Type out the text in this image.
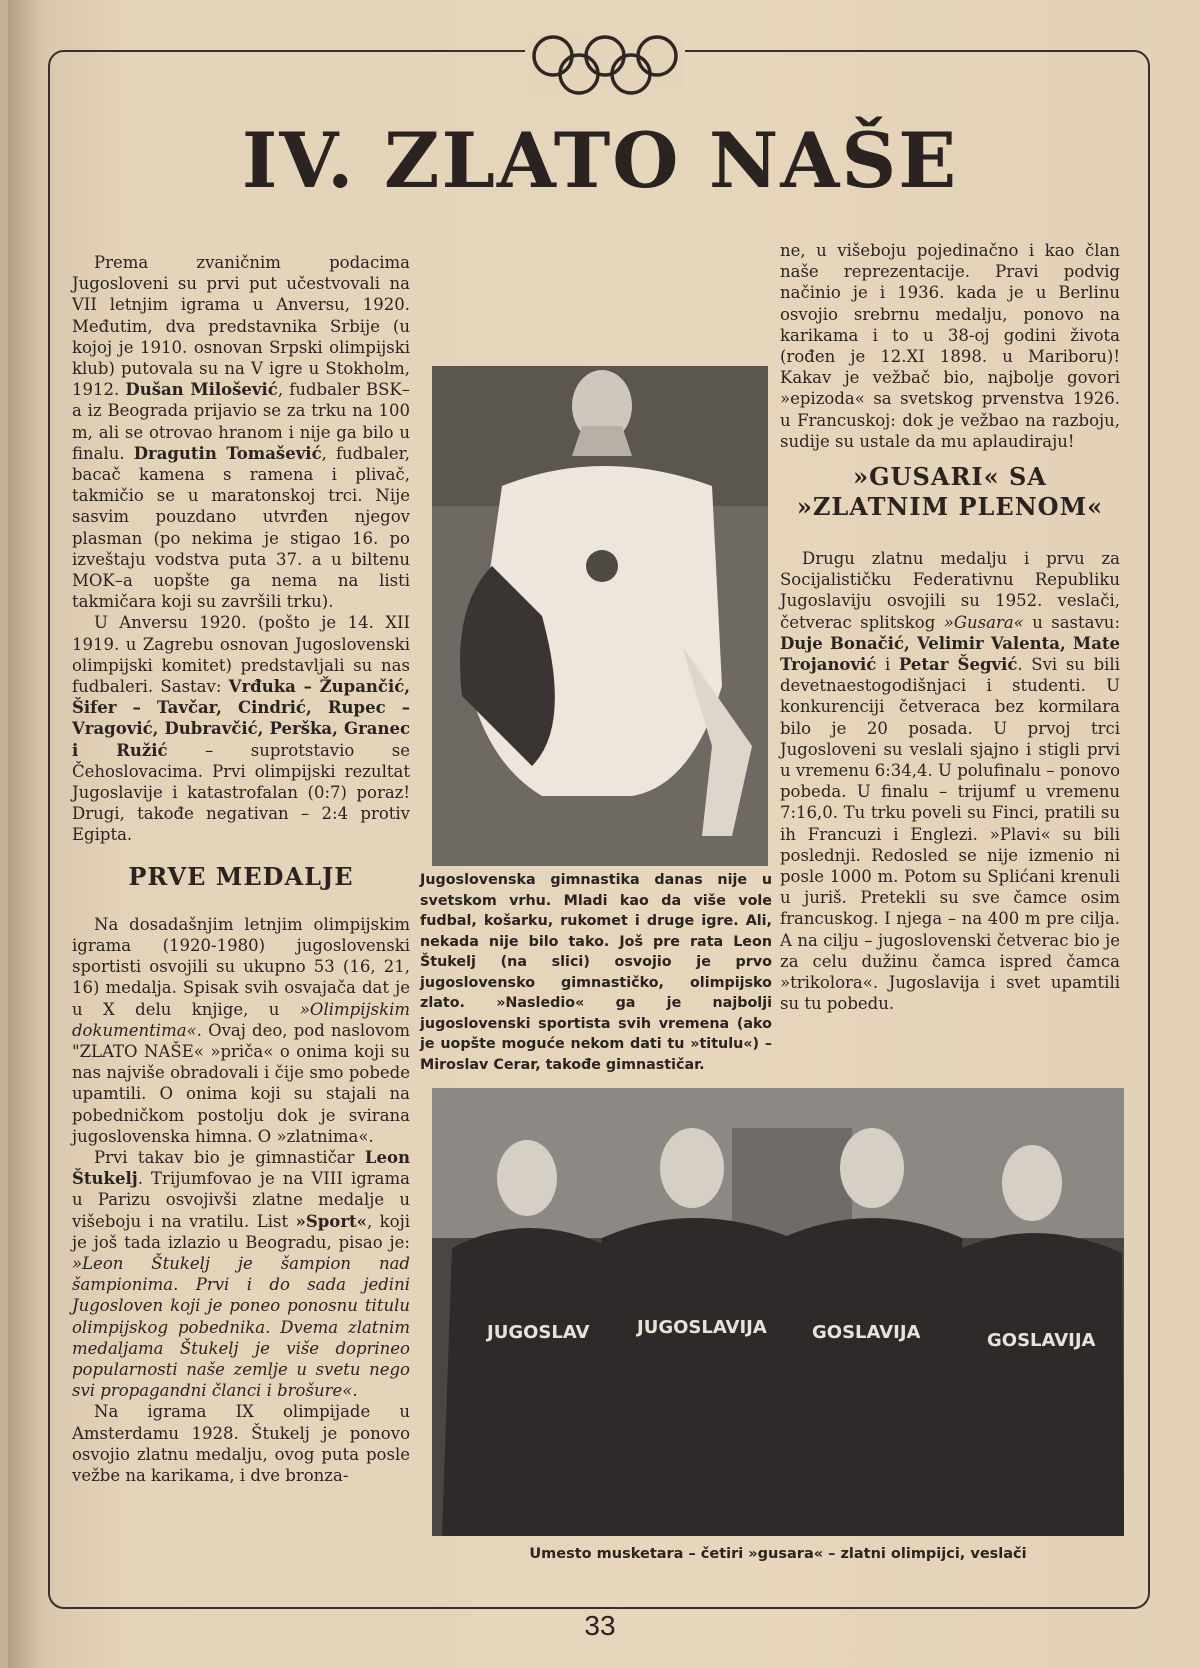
IV. ZLATO NAŠE

Prema zvaničnim podacima Jugosloveni su prvi put učestvovali na VII letnjim igrama u Anversu, 1920. Međutim, dva predstavnika Srbije (u kojoj je 1910. osnovan Srpski olimpijski klub) putovala su na V igre u Stokholm, 1912. Dušan Milošević, fudbaler BSK–a iz Beograda prijavio se za trku na 100 m, ali se otrovao hranom i nije ga bilo u finalu. Dragutin Tomašević, fudbaler, bacač kamena s ramena i plivač, takmičio se u maratonskoj trci. Nije sasvim pouzdano utvrđen njegov plasman (po nekima je stigao 16. po izveštaju vodstva puta 37. a u biltenu MOK–a uopšte ga nema na listi takmičara koji su završili trku).

U Anversu 1920. (pošto je 14. XII 1919. u Zagrebu osnovan Jugoslovenski olimpijski komitet) predstavljali su nas fudbaleri. Sastav: Vrđuka – Župančić, Šifer – Tavčar, Cindrić, Rupec – Vragović, Dubravčić, Perška, Granec i Ružić – suprotstavio se Čehoslovacima. Prvi olimpijski rezultat Jugoslavije i katastrofalan (0:7) poraz! Drugi, takođe negativan – 2:4 protiv Egipta.

PRVE MEDALJE

Na dosadašnjim letnjim olimpijskim igrama (1920-1980) jugoslovenski sportisti osvojili su ukupno 53 (16, 21, 16) medalja. Spisak svih osvajača dat je u X delu knjige, u »Olimpijskim dokumentima«. Ovaj deo, pod naslovom "ZLATO NAŠE« »priča« o onima koji su nas najviše obradovali i čije smo pobede upamtili. O onima koji su stajali na pobedničkom postolju dok je svirana jugoslovenska himna. O »zlatnima«.

Prvi takav bio je gimnastičar Leon Štukelj. Trijumfovao je na VIII igrama u Parizu osvojivši zlatne medalje u višeboju i na vratilu. List »Sport«, koji je još tada izlazio u Beogradu, pisao je: »Leon Štukelj je šampion nad šampionima. Prvi i do sada jedini Jugosloven koji je poneo ponosnu titulu olimpijskog pobednika. Dvema zlatnim medaljama Štukelj je više doprineo popularnosti naše zemlje u svetu nego svi propagandni članci i brošure«.

Na igrama IX olimpijade u Amsterdamu 1928. Štukelj je ponovo osvojio zlatnu medalju, ovog puta posle vežbe na karikama, i dve bronza-

Jugoslovenska gimnastika danas nije u svetskom vrhu. Mladi kao da više vole fudbal, košarku, rukomet i druge igre. Ali, nekada nije bilo tako. Još pre rata Leon Štukelj (na slici) osvojio je prvo jugoslovensko gimnastičko, olimpijsko zlato. »Nasledio« ga je najbolji jugoslovenski sportista svih vremena (ako je uopšte moguće nekom dati tu »titulu«) – Miroslav Cerar, takođe gimnastičar.

ne, u višeboju pojedinačno i kao član naše reprezentacije. Pravi podvig načinio je i 1936. kada je u Berlinu osvojio srebrnu medalju, ponovo na karikama i to u 38-oj godini života (rođen je 12.XI 1898. u Mariboru)! Kakav je vežbač bio, najbolje govori »epizoda« sa svetskog prvenstva 1926. u Francuskoj: dok je vežbao na razboju, sudije su ustale da mu aplaudiraju!

»GUSARI« SA »ZLATNIM PLENOM«

Drugu zlatnu medalju i prvu za Socijalističku Federativnu Republiku Jugoslaviju osvojili su 1952. veslači, četverac splitskog »Gusara« u sastavu: Duje Bonačić, Velimir Valenta, Mate Trojanović i Petar Šegvić. Svi su bili devetnaestogodišnjaci i studenti. U konkurenciji četveraca bez kormilara bilo je 20 posada. U prvoj trci Jugosloveni su veslali sjajno i stigli prvi u vremenu 6:34,4. U polufinalu – ponovo pobeda. U finalu – trijumf u vremenu 7:16,0. Tu trku poveli su Finci, pratili su ih Francuzi i Englezi. »Plavi« su bili poslednji. Redosled se nije izmenio ni posle 1000 m. Potom su Splićani krenuli u juriš. Pretekli su sve čamce osim francuskog. I njega – na 400 m pre cilja. A na cilju – jugoslovenski četverac bio je za celu dužinu čamca ispred čamca »trikolora«. Jugoslavija i svet upamtili su tu pobedu.

JUGOSLAV	JUGOSLAVIJA	GOSLAVIJA	GOSLAVIJA
Umesto musketara – četiri »gusara« – zlatni olimpijci, veslači
33
